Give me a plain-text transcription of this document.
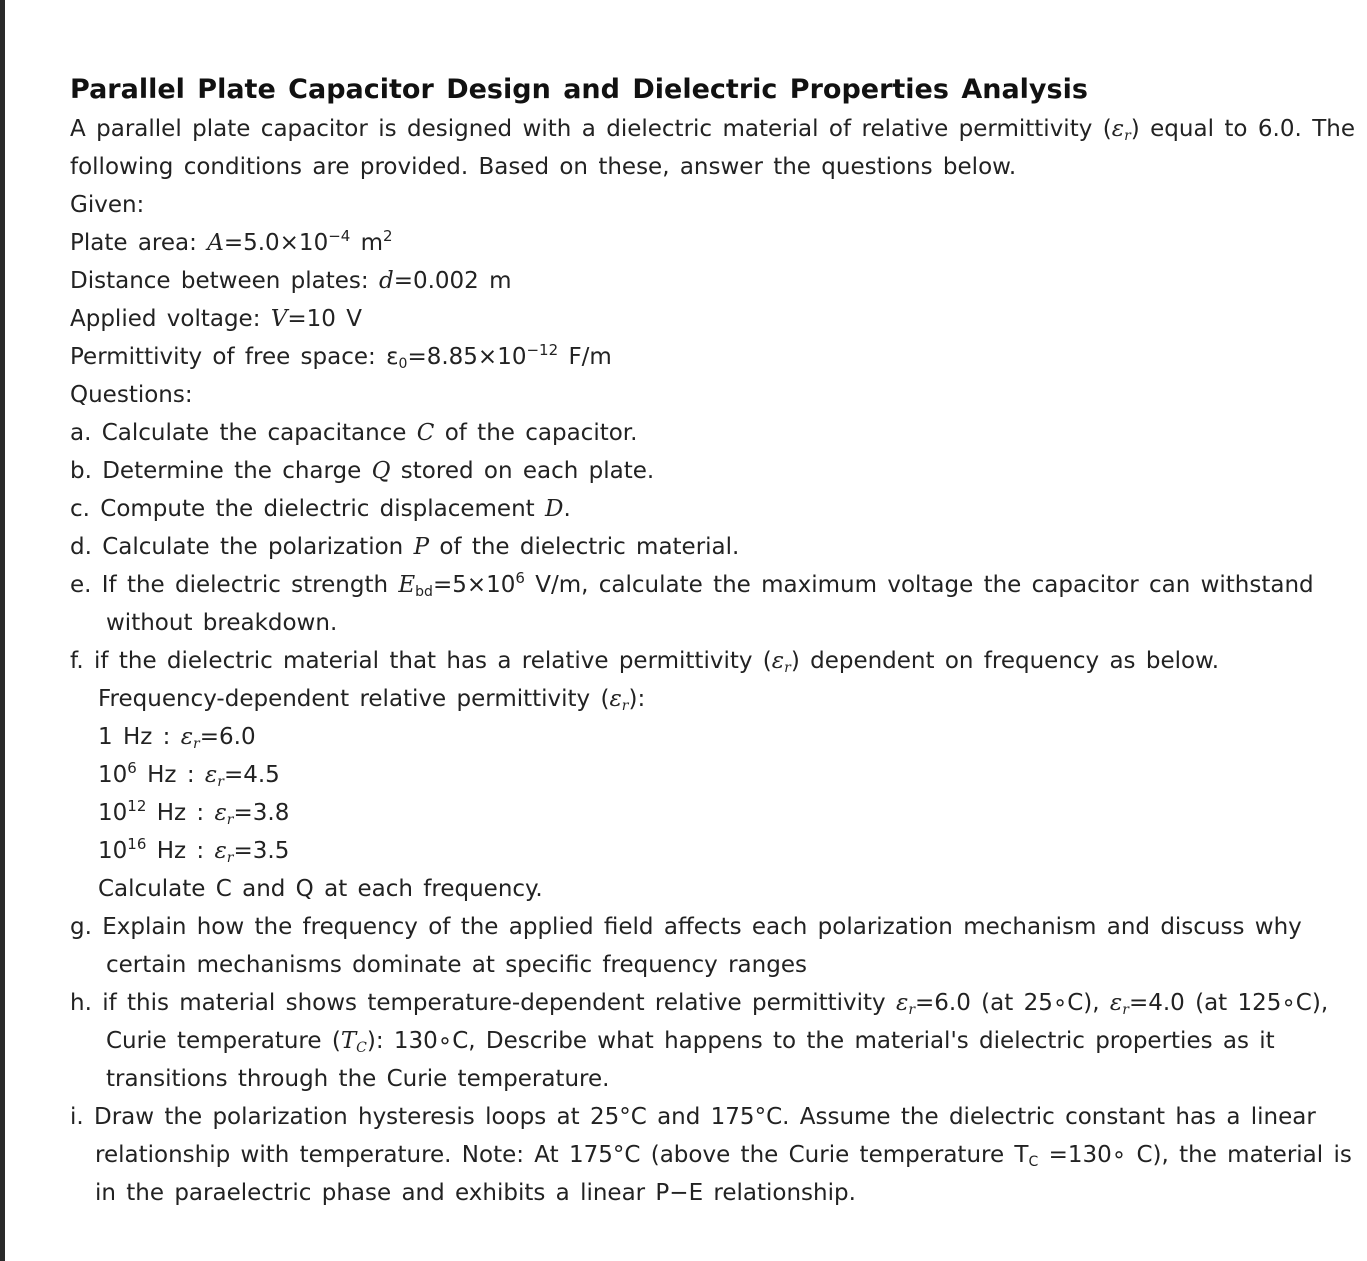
Parallel Plate Capacitor Design and Dielectric Properties Analysis
A parallel plate capacitor is designed with a dielectric material of relative permittivity $(\varepsilon_r)$ equal to 6.0. The following conditions are provided. Based on these, answer the questions below.
Given:
Plate area: $A=5.0\times 10^{-4}$ $m^2$
Distance between plates: d=0.002 m
Applied voltage: V=10 V
Permittivity of free space: $\varepsilon_0=8.85\times 10^{-12}$ F/m
Questions:
a. Calculate the capacitance C of the capacitor.
b. Determine the charge Q stored on each plate.
c. Compute the dielectric displacement D.
d. Calculate the polarization P of the dielectric material.
e. If the dielectric strength $E_{bd}=5\times 10^6$ V/m, calculate the maximum voltage the capacitor can withstand without breakdown.
f. if the dielectric material that has a relative permittivity $(\varepsilon_r)$ dependent on frequency as below.
Frequency-dependent relative permittivity $(\varepsilon_r)$:
1 Hz : $\varepsilon_r=6.0$
$10^6$ Hz : $\varepsilon_r=4.5$
$10^{12}$ Hz : $\varepsilon_r=3.8$
$10^{16}$ Hz : $\varepsilon_r=3.5$
Calculate C and Q at each frequency.
g. Explain how the frequency of the applied field affects each polarization mechanism and discuss why certain mechanisms dominate at specific frequency ranges
h. if this material shows temperature-dependent relative permittivity $\varepsilon_r=6.0$ (at 25∘C), $\varepsilon_r=4.0$ (at 125∘C), Curie temperature $(T_C)$: 130∘C, Describe what happens to the material's dielectric properties as it transitions through the Curie temperature.
i. Draw the polarization hysteresis loops at 25°C and 175°C. Assume the dielectric constant has a linear relationship with temperature. Note: At 175°C (above the Curie temperature $T_C$ =130∘ C), the material is in the paraelectric phase and exhibits a linear P−E relationship.
